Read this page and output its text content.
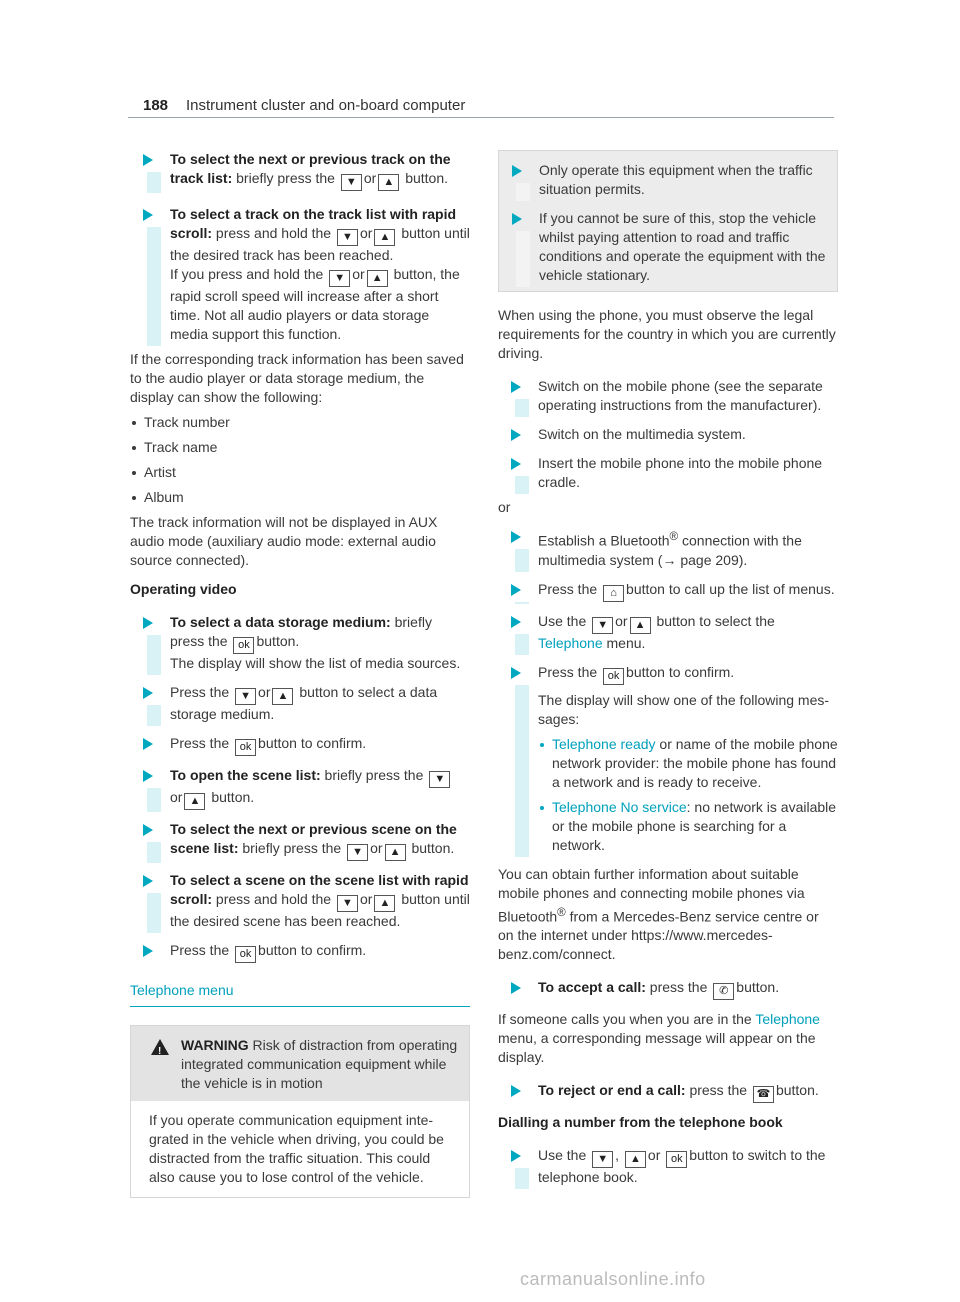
188 Instrument cluster and on-board computer

To select the next or previous track on the track list: briefly press the ▼ or ▲ button.

To select a track on the track list with rapid scroll: press and hold the ▼ or ▲ button until the desired track has been reached.
If you press and hold the ▼ or ▲ button, the rapid scroll speed will increase after a short time. Not all audio players or data storage media support this function.

If the corresponding track information has been saved to the audio player or data storage medium, the display can show the following:

Track number
Track name
Artist
Album

The track information will not be displayed in AUX audio mode (auxiliary audio mode: external audio source connected).

Operating video

To select a data storage medium: briefly press the ok button.
The display will show the list of media sources.

Press the ▼ or ▲ button to select a data storage medium.

Press the ok button to confirm.

To open the scene list: briefly press the ▼
or ▲ button.

To select the next or previous scene on the scene list: briefly press the ▼ or ▲ button.

To select a scene on the scene list with rapid scroll: press and hold the ▼ or ▲ button until the desired scene has been reached.

Press the ok button to confirm.

Telephone menu

!

WARNING Risk of distraction from operating integrated communication equipment while the vehicle is in motion

If you operate communication equipment integrated in the vehicle when driving, you could be distracted from the traffic situation. This could also cause you to lose control of the vehicle.

Only operate this equipment when the traffic situation permits.

If you cannot be sure of this, stop the vehicle whilst paying attention to road and traffic conditions and operate the equipment with the vehicle stationary.

When using the phone, you must observe the legal requirements for the country in which you are currently driving.

Switch on the mobile phone (see the separate operating instructions from the manufacturer).

Switch on the multimedia system.

Insert the mobile phone into the mobile phone cradle.

or

Establish a Bluetooth® connection with the multimedia system (→ page 209).

Press the ⌂ button to call up the list of menus.

Use the ▼ or ▲ button to select the
Telephone menu.

Press the ok button to confirm.

The display will show one of the following messages:

Telephone ready or name of the mobile phone network provider: the mobile phone has found a network and is ready to receive.
Telephone No service: no network is available or the mobile phone is searching for a network.

You can obtain further information about suitable mobile phones and connecting mobile phones via Bluetooth® from a Mercedes-Benz service centre or on the internet under https://www.mercedes-benz.com/connect.

To accept a call: press the ✆ button.

If someone calls you when you are in the Telephone menu, a corresponding message will appear on the display.

To reject or end a call: press the ☎ button.

Dialling a number from the telephone book

Use the ▼ , ▲ or ok button to switch to the telephone book.

carmanualsonline.info
